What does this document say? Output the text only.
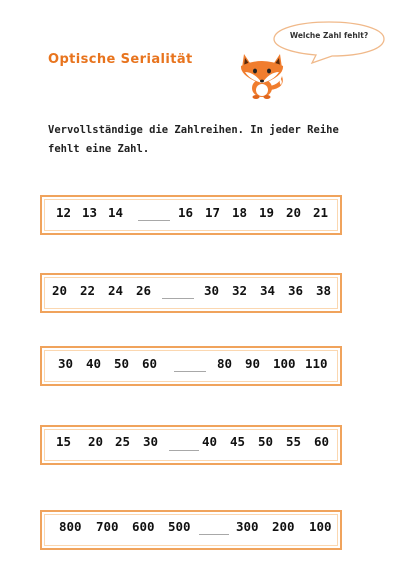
Optische Serialität
Welche Zahl fehlt?
Vervollständige die Zahlreihen. In jeder Reihe fehlt eine Zahl.
12 13 14	16 17 18 19 20 21
20 22 24 26	30 32 34 36 38
30 40 50 60	80 90 100 110
15 20 25 30	40 45 50 55 60
800 700 600 500	300 200 100
